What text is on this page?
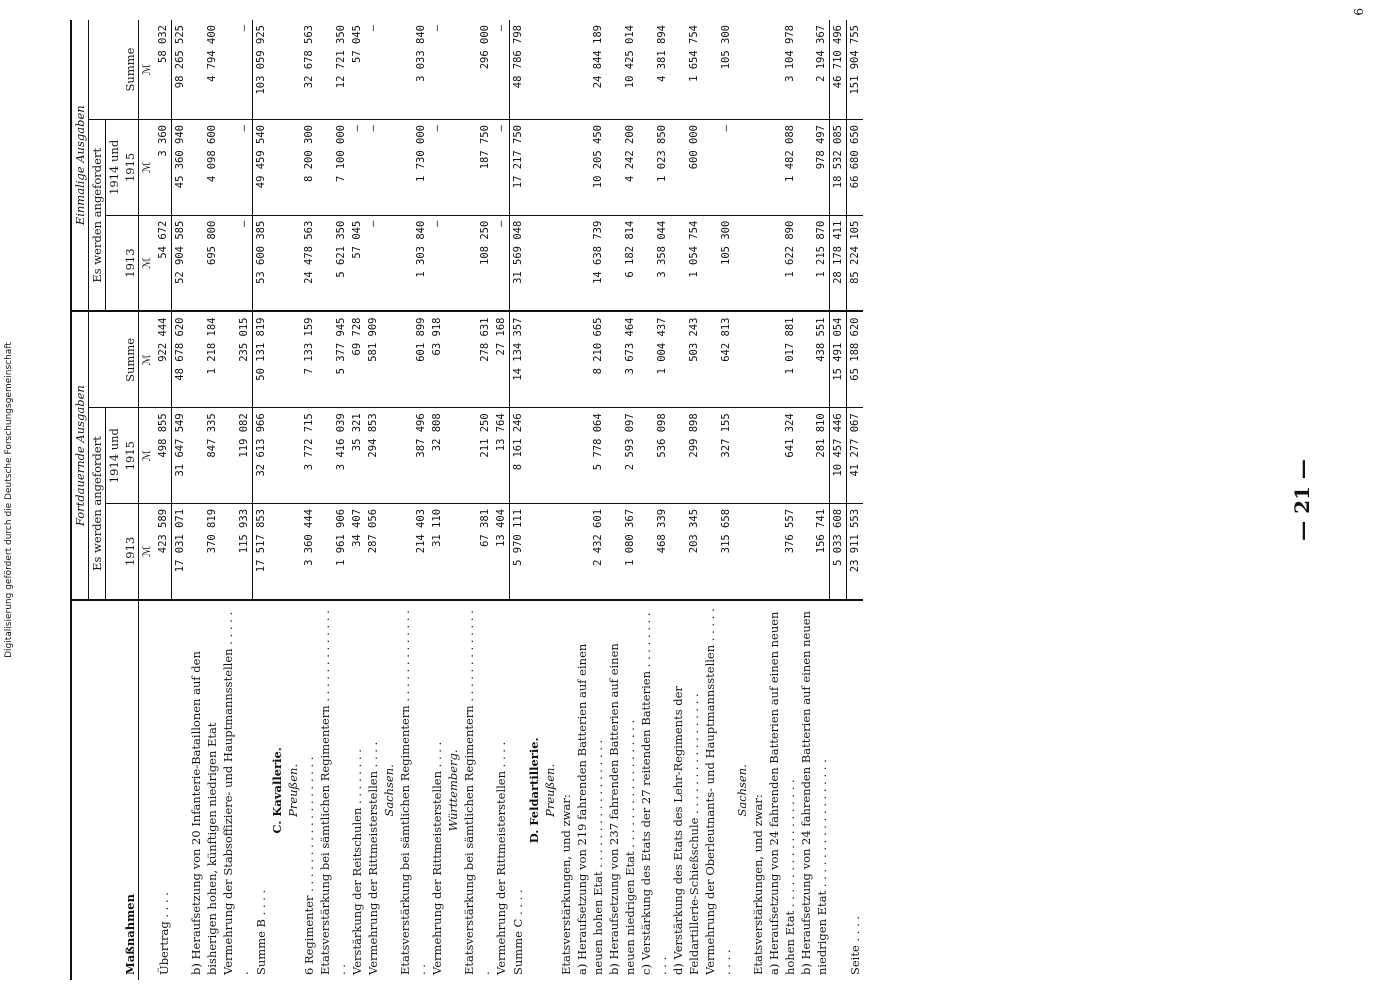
— 21 —
Maßnahmen	Fortdauernde Ausgaben			Einmalige Ausgaben		
	Es werden angefordert		Summe	Es werden angefordert		Summe
	1913	1914 und 1915		1913	1914 und 1915	
	ℳ	ℳ	ℳ	ℳ	ℳ	ℳ
Übertrag . . . .	423 589	498 855	922 444	54 672	3 360	58 032
	17 031 071	31 647 549	48 678 620	52 904 585	45 360 940	98 265 525
b) Heraufsetzung von 20 Infanterie-Bataillonen auf den bisherigen hohen, künftigen niedrigen Etat	370 819	847 335	1 218 184	695 800	4 098 600	4 794 400
Vermehrung der Stabsoffiziere- und Hauptmannsstellen . . . . . .	115 933	119 082	235 015	—	—	—
Summe B . . . .	17 517 853	32 613 966	50 131 819	53 600 385	49 459 540	103 059 925
C. Kavallerie.						
Preußen.						
6 Regimenter . . . . . . . . . . . . . . . . . . .	3 360 444	3 772 715	7 133 159	24 478 563	8 200 300	32 678 563
Etatsverstärkung bei sämtlichen Regimentern . . . . . . . . . . . . . . .	1 961 906	3 416 039	5 377 945	5 621 350	7 100 000	12 721 350
Verstärkung der Reitschulen . . . . . . . .	34 407	35 321	69 728	57 045	—	57 045
Vermehrung der Rittmeisterstellen . . . .	287 056	294 853	581 909	—	—	—
Sachsen.						
Etatsverstärkung bei sämtlichen Regimentern . . . . . . . . . . . . . . .	214 403	387 496	601 899	1 303 840	1 730 000	3 033 840
Vermehrung der Rittmeisterstellen . . . .	31 110	32 808	63 918	—	—	—
Württemberg.						
Etatsverstärkung bei sämtlichen Regimentern . . . . . . . . . . . . . .	67 381	211 250	278 631	108 250	187 750	296 000
Vermehrung der Rittmeisterstellen . . . .	13 404	13 764	27 168	—	—	—
Summe C . . . .	5 970 111	8 161 246	14 134 357	31 569 048	17 217 750	48 786 798
D. Feldartillerie.						
Preußen.						
Etatsverstärkungen, und zwar:						
a) Heraufsetzung von 219 fahrenden Batterien auf einen neuen hohen Etat . . . . . . . . . . . . . . . . . .	2 432 601	5 778 064	8 210 665	14 638 739	10 205 450	24 844 189
b) Heraufsetzung von 237 fahrenden Batterien auf einen neuen niedrigen Etat . . . . . . . . . . . . . . . . . .	1 080 367	2 593 097	3 673 464	6 182 814	4 242 200	10 425 014
c) Verstärkung des Etats der 27 reitenden Batterien . . . . . . . . . . .	468 339	536 098	1 004 437	3 358 044	1 023 850	4 381 894
d) Verstärkung des Etats des Lehr-Regiments der Feldartillerie-Schießschule . . . . . . . . . . . . . . . . .	203 345	299 898	503 243	1 054 754	600 000	1 654 754
Vermehrung der Oberleutnants- und Hauptmannsstellen . . . . . . . . .	315 658	327 155	642 813	105 300	—	105 300
Sachsen.						
Etatsverstärkungen, und zwar:						
a) Heraufsetzung von 24 fahrenden Batterien auf einen neuen hohen Etat . . . . . . . . . . . . . . . . . .	376 557	641 324	1 017 881	1 622 890	1 482 088	3 104 978
b) Heraufsetzung von 24 fahrenden Batterien auf einen neuen niedrigen Etat . . . . . . . . . . . . . . . . . .	156 741	281 810	438 551	1 215 870	978 497	2 194 367
	5 033 608	10 457 446	15 491 054	28 178 411	18 532 085	46 710 496
Seite . . . .	23 911 553	41 277 067	65 188 620	85 224 105	66 680 650	151 904 755
6
Digitalisierung gefördert durch die Deutsche Forschungsgemeinschaft
